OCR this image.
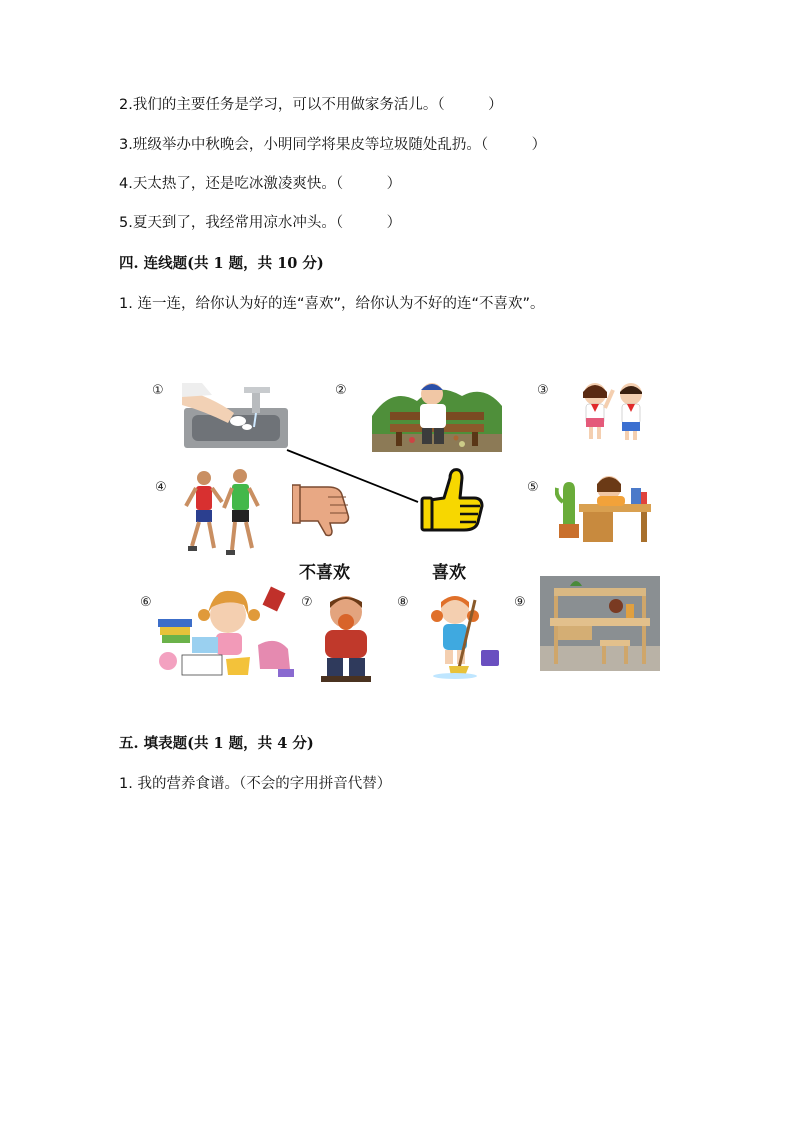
2.我们的主要任务是学习，可以不用做家务活儿。（　　　）
3.班级举办中秋晚会，小明同学将果皮等垃圾随处乱扔。（　　　）
4.天太热了，还是吃冰激凌爽快。（　　　）
5.夏天到了，我经常用凉水冲头。（　　　）
四. 连线题(共 1 题，共 10 分)
1. 连一连，给你认为好的连“喜欢”，给你认为不好的连“不喜欢”。
①	②	③
④	⑤
⑥	⑦	⑧	⑨
不喜欢	喜欢
五. 填表题(共 1 题，共 4 分)
1. 我的营养食谱。（不会的字用拼音代替）
